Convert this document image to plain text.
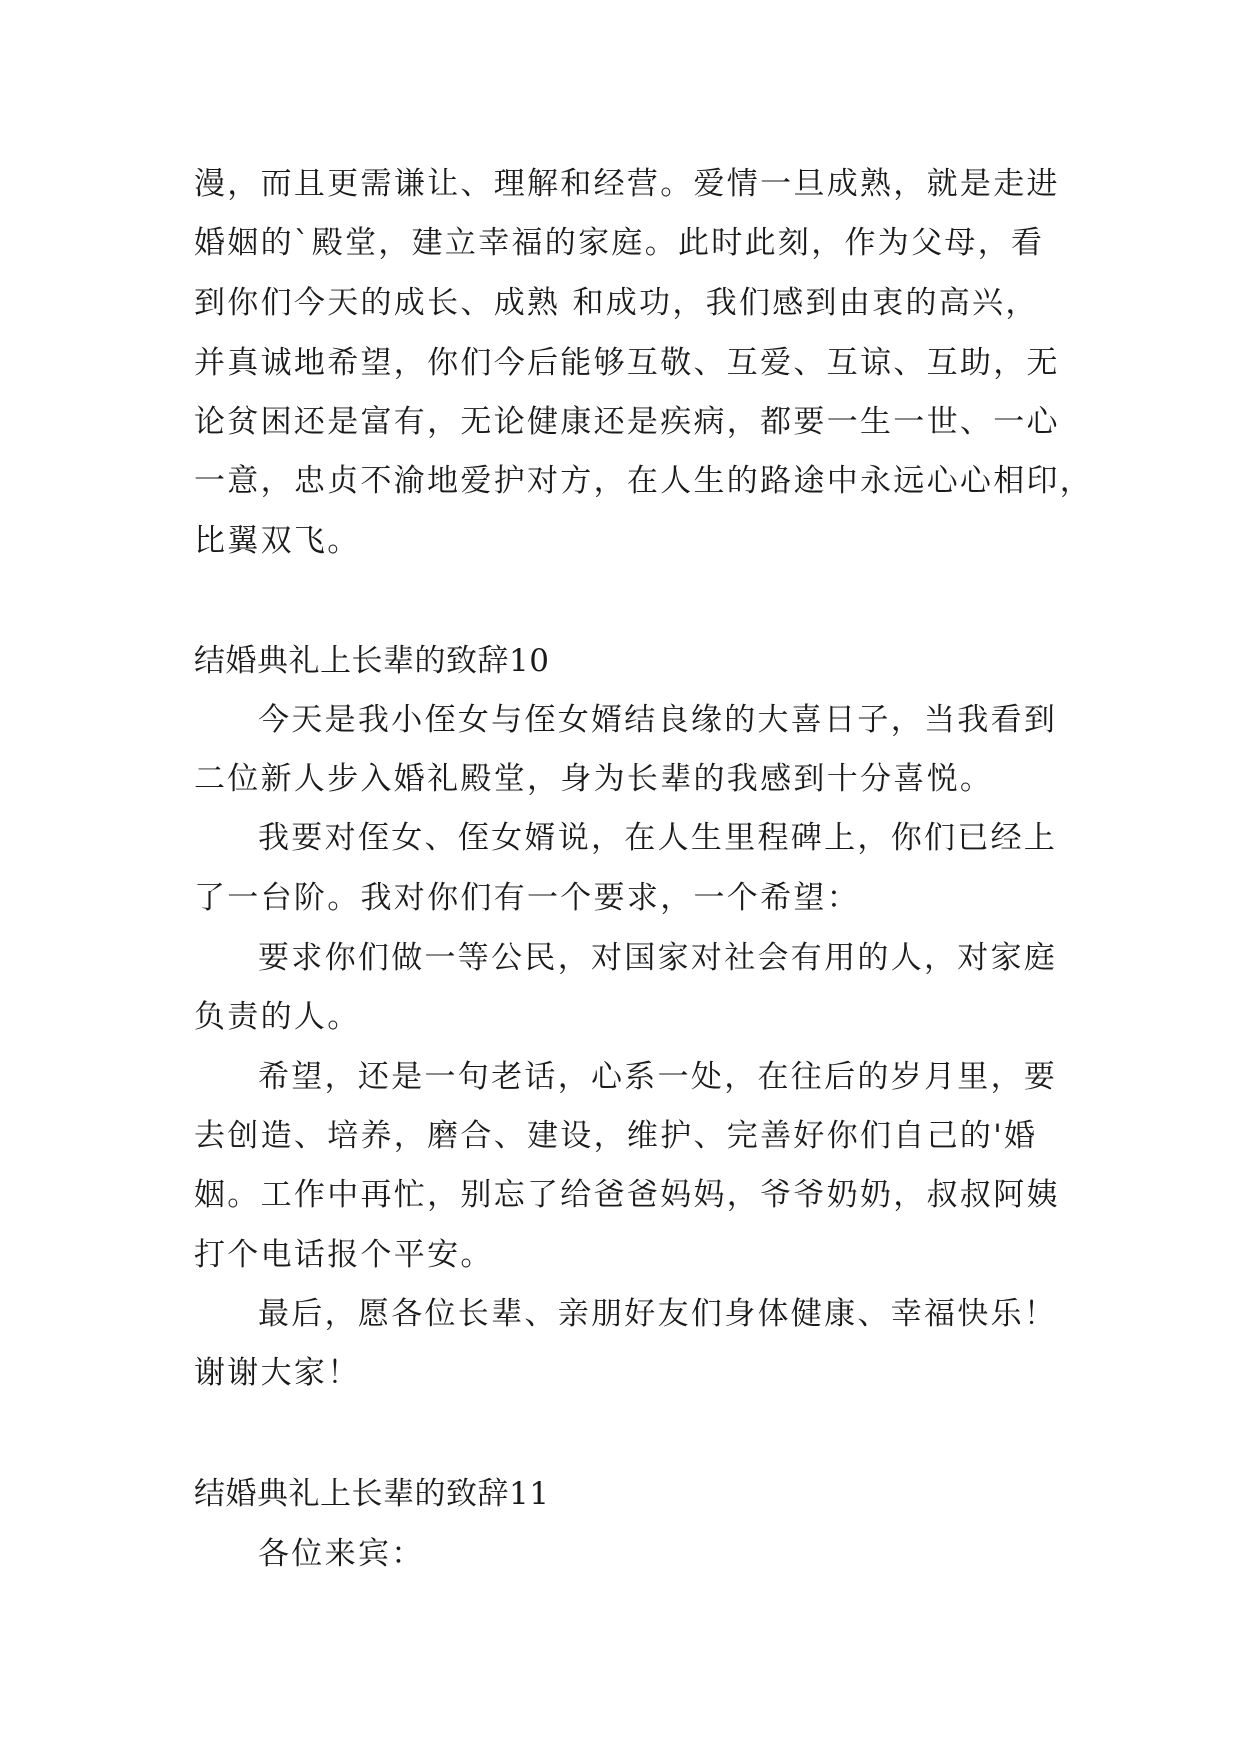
漫，而且更需谦让、理解和经营。爱情一旦成熟，就是走进
婚姻的`殿堂，建立幸福的家庭。此时此刻，作为父母，看
到你们今天的成长、成熟 和成功，我们感到由衷的高兴，
并真诚地希望，你们今后能够互敬、互爱、互谅、互助，无
论贫困还是富有，无论健康还是疾病，都要一生一世、一心
一意，忠贞不渝地爱护对方，在人生的路途中永远心心相印，
比翼双飞。
结婚典礼上长辈的致辞10
今天是我小侄女与侄女婿结良缘的大喜日子，当我看到
二位新人步入婚礼殿堂，身为长辈的我感到十分喜悦。
我要对侄女、侄女婿说，在人生里程碑上，你们已经上
了一台阶。我对你们有一个要求，一个希望：
要求你们做一等公民，对国家对社会有用的人，对家庭
负责的人。
希望，还是一句老话，心系一处，在往后的岁月里，要
去创造、培养，磨合、建设，维护、完善好你们自己的'婚
姻。工作中再忙，别忘了给爸爸妈妈，爷爷奶奶，叔叔阿姨
打个电话报个平安。
最后，愿各位长辈、亲朋好友们身体健康、幸福快乐！
谢谢大家！
结婚典礼上长辈的致辞11
各位来宾：
